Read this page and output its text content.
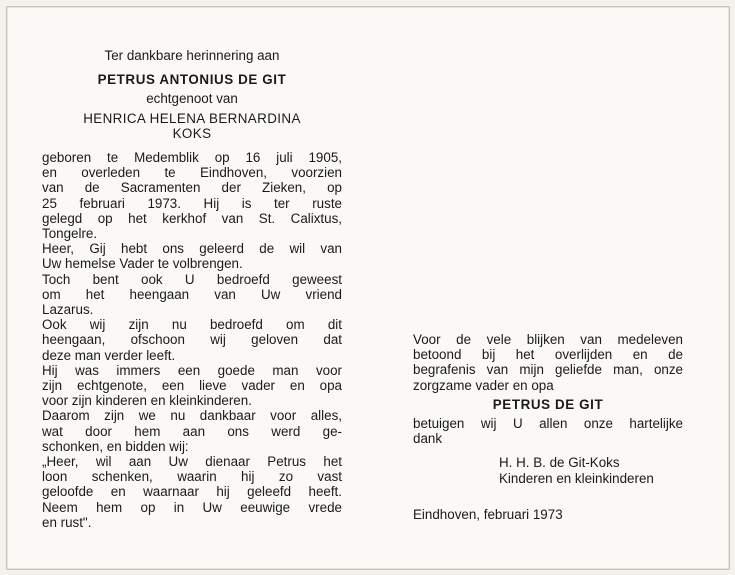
Ter dankbare herinnering aan
PETRUS ANTONIUS DE GIT
echtgenoot van
HENRICA HELENA BERNARDINA
KOKS
geboren te Medemblik op 16 juli 1905,
en overleden te Eindhoven, voorzien
van de Sacramenten der Zieken, op
25 februari 1973. Hij is ter ruste
gelegd op het kerkhof van St. Calixtus,
Tongelre.
Heer, Gij hebt ons geleerd de wil van
Uw hemelse Vader te volbrengen.
Toch bent ook U bedroefd geweest
om het heengaan van Uw vriend
Lazarus.
Ook wij zijn nu bedroefd om dit
heengaan, ofschoon wij geloven dat
deze man verder leeft.
Hij was immers een goede man voor
zijn echtgenote, een lieve vader en opa
voor zijn kinderen en kleinkinderen.
Daarom zijn we nu dankbaar voor alles,
wat door hem aan ons werd ge-
schonken, en bidden wij:
„Heer, wil aan Uw dienaar Petrus het
loon schenken, waarin hij zo vast
geloofde en waarnaar hij geleefd heeft.
Neem hem op in Uw eeuwige vrede
en rust".
Voor de vele blijken van medeleven
betoond bij het overlijden en de
begrafenis van mijn geliefde man, onze
zorgzame vader en opa
PETRUS DE GIT
betuigen wij U allen onze hartelijke
dank
H. H. B. de Git-Koks
Kinderen en kleinkinderen
Eindhoven, februari 1973
